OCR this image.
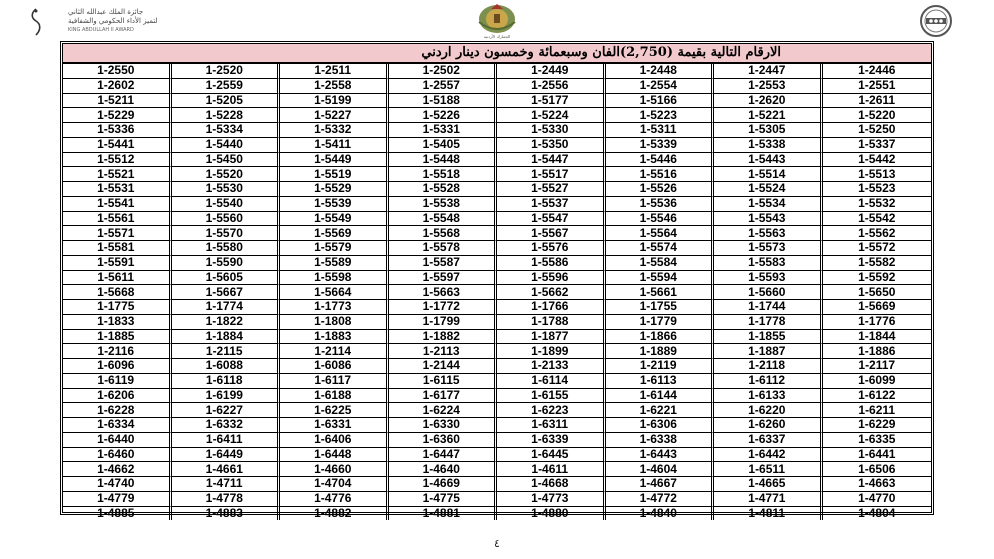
جائزة الملك عبدالله الثاني
لتميز الأداء الحكومي والشفافية
KING ABDULLAH II AWARD
الجمارك الأردنية
الارقام التالية بقيمة (2,750)الفان وسبعمائة وخمسون دينار اردني
1-2550	1-2520	1-2511	1-2502	1-2449	1-2448	1-2447	1-2446
1-2602	1-2559	1-2558	1-2557	1-2556	1-2554	1-2553	1-2551
1-5211	1-5205	1-5199	1-5188	1-5177	1-5166	1-2620	1-2611
1-5229	1-5228	1-5227	1-5226	1-5224	1-5223	1-5221	1-5220
1-5336	1-5334	1-5332	1-5331	1-5330	1-5311	1-5305	1-5250
1-5441	1-5440	1-5411	1-5405	1-5350	1-5339	1-5338	1-5337
1-5512	1-5450	1-5449	1-5448	1-5447	1-5446	1-5443	1-5442
1-5521	1-5520	1-5519	1-5518	1-5517	1-5516	1-5514	1-5513
1-5531	1-5530	1-5529	1-5528	1-5527	1-5526	1-5524	1-5523
1-5541	1-5540	1-5539	1-5538	1-5537	1-5536	1-5534	1-5532
1-5561	1-5560	1-5549	1-5548	1-5547	1-5546	1-5543	1-5542
1-5571	1-5570	1-5569	1-5568	1-5567	1-5564	1-5563	1-5562
1-5581	1-5580	1-5579	1-5578	1-5576	1-5574	1-5573	1-5572
1-5591	1-5590	1-5589	1-5587	1-5586	1-5584	1-5583	1-5582
1-5611	1-5605	1-5598	1-5597	1-5596	1-5594	1-5593	1-5592
1-5668	1-5667	1-5664	1-5663	1-5662	1-5661	1-5660	1-5650
1-1775	1-1774	1-1773	1-1772	1-1766	1-1755	1-1744	1-5669
1-1833	1-1822	1-1808	1-1799	1-1788	1-1779	1-1778	1-1776
1-1885	1-1884	1-1883	1-1882	1-1877	1-1866	1-1855	1-1844
1-2116	1-2115	1-2114	1-2113	1-1899	1-1889	1-1887	1-1886
1-6096	1-6088	1-6086	1-2144	1-2133	1-2119	1-2118	1-2117
1-6119	1-6118	1-6117	1-6115	1-6114	1-6113	1-6112	1-6099
1-6206	1-6199	1-6188	1-6177	1-6155	1-6144	1-6133	1-6122
1-6228	1-6227	1-6225	1-6224	1-6223	1-6221	1-6220	1-6211
1-6334	1-6332	1-6331	1-6330	1-6311	1-6306	1-6260	1-6229
1-6440	1-6411	1-6406	1-6360	1-6339	1-6338	1-6337	1-6335
1-6460	1-6449	1-6448	1-6447	1-6445	1-6443	1-6442	1-6441
1-4662	1-4661	1-4660	1-4640	1-4611	1-4604	1-6511	1-6506
1-4740	1-4711	1-4704	1-4669	1-4668	1-4667	1-4665	1-4663
1-4779	1-4778	1-4776	1-4775	1-4773	1-4772	1-4771	1-4770
1-4885	1-4883	1-4882	1-4881	1-4880	1-4840	1-4811	1-4804
٤
